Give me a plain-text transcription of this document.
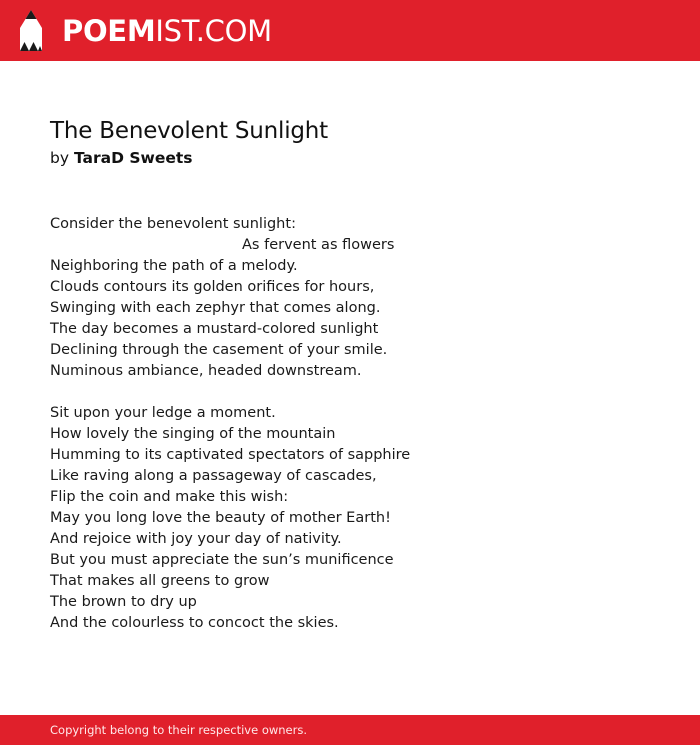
POEMIST.COM
The Benevolent Sunlight
by TaraD Sweets
Consider the benevolent sunlight:
As fervent as flowers
Neighboring the path of a melody.
Clouds contours its golden orifices for hours,
Swinging with each zephyr that comes along.
The day becomes a mustard-colored sunlight
Declining through the casement of your smile.
Numinous ambiance, headed downstream.
Sit upon your ledge a moment.
How lovely the singing of the mountain
Humming to its captivated spectators of sapphire
Like raving along a passageway of cascades,
Flip the coin and make this wish:
May you long love the beauty of mother Earth!
And rejoice with joy your day of nativity.
But you must appreciate the sun’s munificence
That makes all greens to grow
The brown to dry up
And the colourless to concoct the skies.
Copyright belong to their respective owners.
